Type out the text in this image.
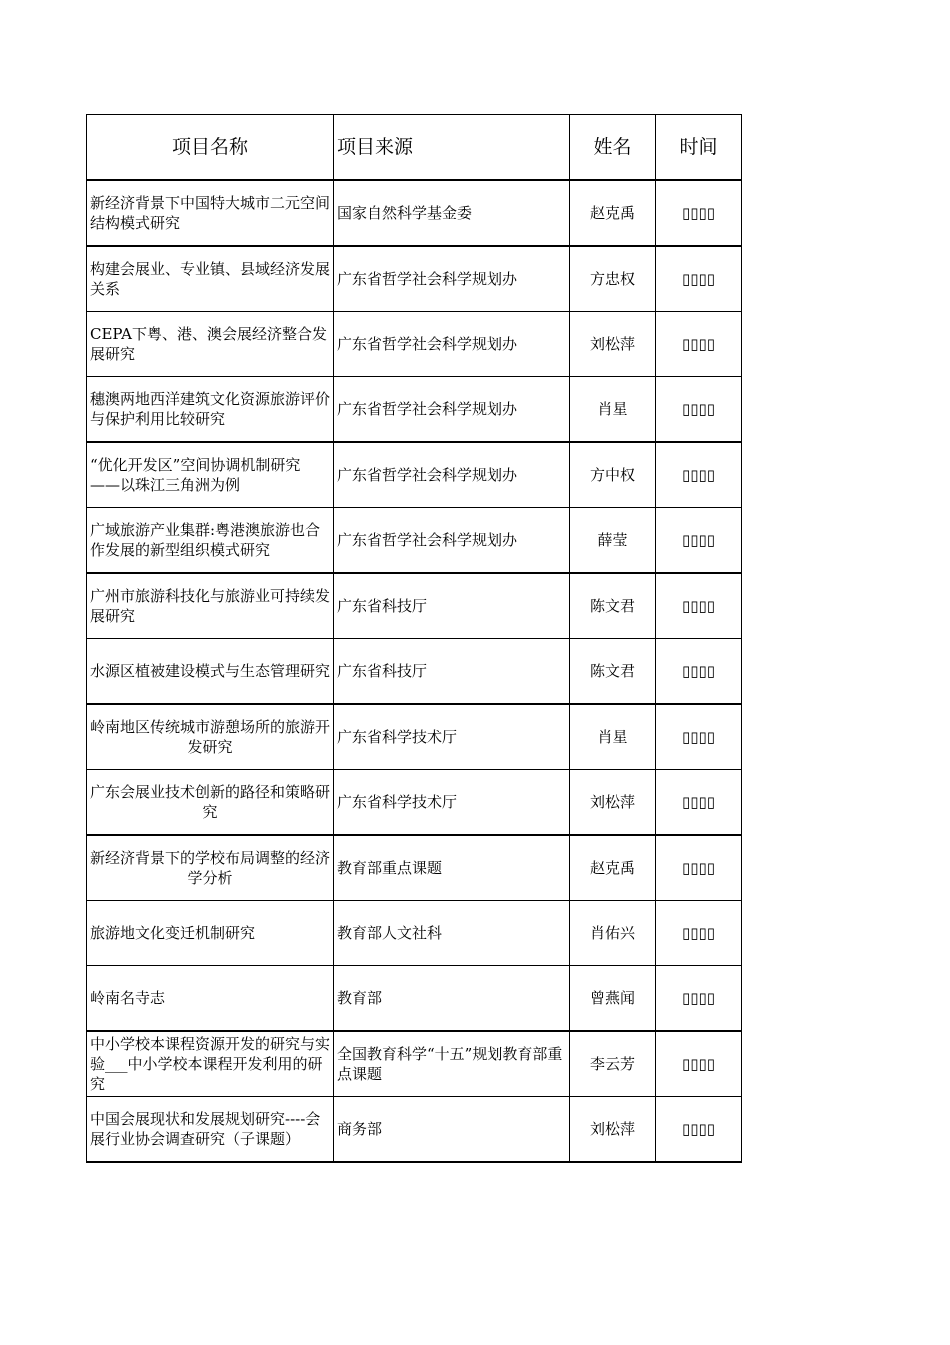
项目名称	项目来源	姓名	时间
新经济背景下中国特大城市二元空间结构模式研究	国家自然科学基金委	赵克禹	▯▯▯▯
构建会展业、专业镇、县域经济发展关系	广东省哲学社会科学规划办	方忠权	▯▯▯▯
CEPA下粤、港、澳会展经济整合发展研究	广东省哲学社会科学规划办	刘松萍	▯▯▯▯
穗澳两地西洋建筑文化资源旅游评价与保护利用比较研究	广东省哲学社会科学规划办	肖星	▯▯▯▯
“优化开发区”空间协调机制研究——以珠江三角洲为例	广东省哲学社会科学规划办	方中权	▯▯▯▯
广域旅游产业集群:粤港澳旅游也合作发展的新型组织模式研究	广东省哲学社会科学规划办	薛莹	▯▯▯▯
广州市旅游科技化与旅游业可持续发展研究	广东省科技厅	陈文君	▯▯▯▯
水源区植被建设模式与生态管理研究	广东省科技厅	陈文君	▯▯▯▯
岭南地区传统城市游憩场所的旅游开发研究	广东省科学技术厅	肖星	▯▯▯▯
广东会展业技术创新的路径和策略研究	广东省科学技术厅	刘松萍	▯▯▯▯
新经济背景下的学校布局调整的经济学分析	教育部重点课题	赵克禹	▯▯▯▯
旅游地文化变迁机制研究	教育部人文社科	肖佑兴	▯▯▯▯
岭南名寺志	教育部	曾燕闻	▯▯▯▯
中小学校本课程资源开发的研究与实验___中小学校本课程开发利用的研究	全国教育科学“十五”规划教育部重点课题	李云芳	▯▯▯▯
中国会展现状和发展规划研究----会展行业协会调查研究（子课题）	商务部	刘松萍	▯▯▯▯
